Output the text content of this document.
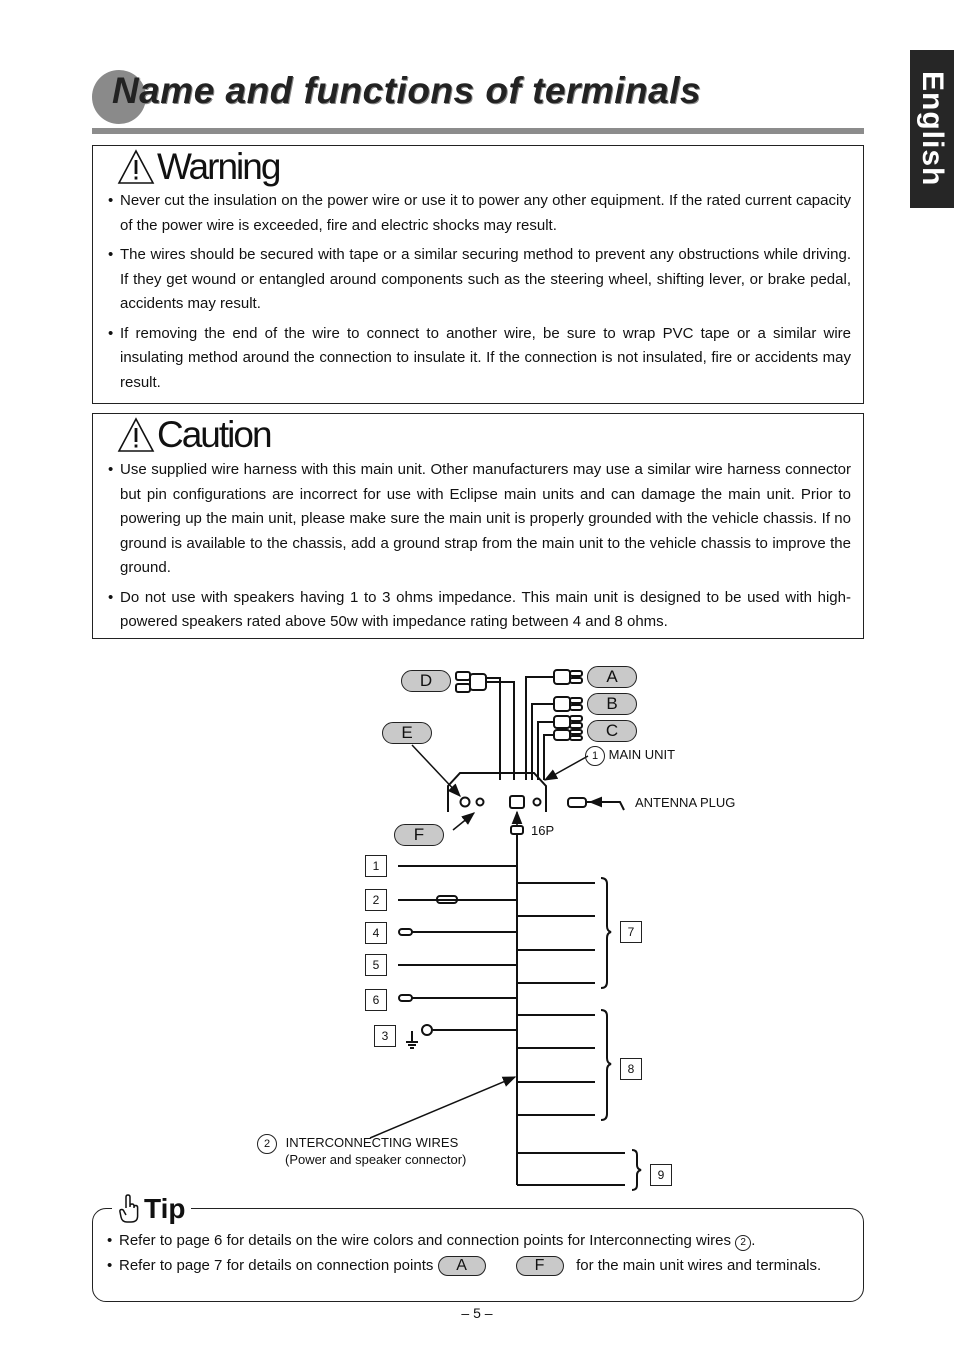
Name and functions of terminals	English
Warning
• Never cut the insulation on the power wire or use it to power any other equipment. If the rated current capacity of the power wire is exceeded, fire and electric shocks may result.
• The wires should be secured with tape or a similar securing method to prevent any obstructions while driving. If they get wound or entangled around components such as the steering wheel, shifting lever, or brake pedal, accidents may result.
• If removing the end of the wire to connect to another wire, be sure to wrap PVC tape or a similar wire insulating method around the connection to insulate it. If the connection is not insulated, fire or accidents may result.
Caution
• Use supplied wire harness with this main unit. Other manufacturers may use a similar wire harness connector but pin configurations are incorrect for use with Eclipse main units and can damage the main unit. Prior to powering up the main unit, please make sure the main unit is properly grounded with the vehicle chassis. If no ground is available to the chassis, add a ground strap from the main unit to the vehicle chassis to improve the ground.
• Do not use with speakers having 1 to 3 ohms impedance. This main unit is designed to be used with high-powered speakers rated above 50w with impedance rating between 4 and 8 ohms.
D	A
B
C
E
F
1 MAIN UNIT
ANTENNA PLUG
16P
1
2
4
5
6
3
7
8
9
2 INTERCONNECTING WIRES
(Power and speaker connector)
Tip
• Refer to page 6 for details on the wire colors and connection points for Interconnecting wires 2 .
• Refer to page 7 for details on connection points A	F for the main unit wires and terminals.
– 5 –
